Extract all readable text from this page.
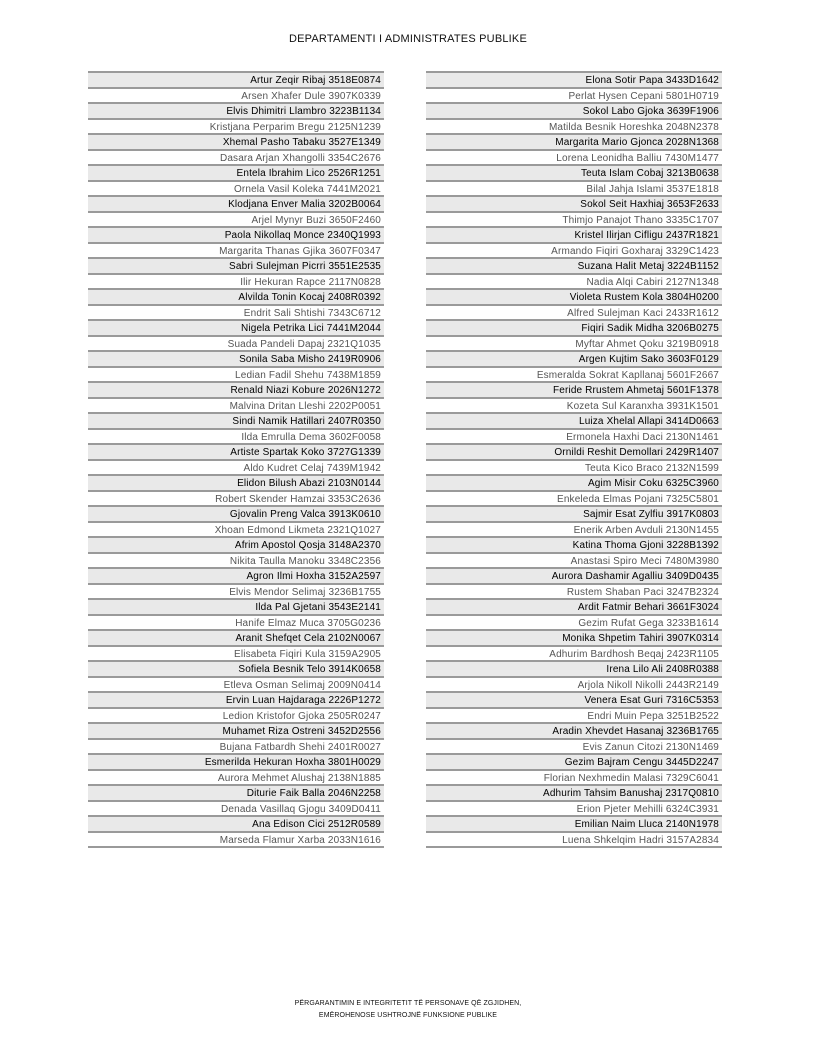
DEPARTAMENTI I ADMINISTRATES PUBLIKE
Artur Zeqir Ribaj 3518E0874
Arsen Xhafer Dule 3907K0339
Elvis Dhimitri Llambro 3223B1134
Kristjana Perparim Bregu 2125N1239
Xhemal Pasho Tabaku 3527E1349
Dasara Arjan Xhangolli 3354C2676
Entela Ibrahim Lico 2526R1251
Ornela Vasil Koleka 7441M2021
Klodjana Enver Malia 3202B0064
Arjel Mynyr Buzi 3650F2460
Paola Nikollaq Monce 2340Q1993
Margarita Thanas Gjika 3607F0347
Sabri Sulejman Picrri 3551E2535
Ilir Hekuran Rapce 2117N0828
Alvilda Tonin Kocaj 2408R0392
Endrit Sali Shtishi 7343C6712
Nigela Petrika Lici 7441M2044
Suada Pandeli Dapaj 2321Q1035
Sonila Saba Misho 2419R0906
Ledian Fadil Shehu 7438M1859
Renald Niazi Kobure 2026N1272
Malvina Dritan Lleshi 2202P0051
Sindi Namik Hatillari 2407R0350
Ilda Emrulla Dema 3602F0058
Artiste Spartak Koko 3727G1339
Aldo Kudret Celaj 7439M1942
Elidon Bilush Abazi 2103N0144
Robert Skender Hamzai 3353C2636
Gjovalin Preng Valca 3913K0610
Xhoan Edmond Likmeta 2321Q1027
Afrim Apostol Qosja 3148A2370
Nikita Taulla Manoku 3348C2356
Agron Ilmi Hoxha 3152A2597
Elvis Mendor Selimaj 3236B1755
Ilda Pal Gjetani 3543E2141
Hanife Elmaz Muca 3705G0236
Aranit Shefqet Cela 2102N0067
Elisabeta Fiqiri Kula 3159A2905
Sofiela Besnik Telo 3914K0658
Etleva Osman Selimaj 2009N0414
Ervin Luan Hajdaraga 2226P1272
Ledion Kristofor Gjoka 2505R0247
Muhamet Riza Ostreni 3452D2556
Bujana Fatbardh Shehi 2401R0027
Esmerilda Hekuran Hoxha 3801H0029
Aurora Mehmet Alushaj 2138N1885
Diturie Faik Balla 2046N2258
Denada Vasillaq Gjogu 3409D0411
Ana Edison Cici 2512R0589
Marseda Flamur Xarba 2033N1616
Elona Sotir Papa 3433D1642
Perlat Hysen Cepani 5801H0719
Sokol Labo Gjoka 3639F1906
Matilda Besnik Horeshka 2048N2378
Margarita Mario Gjonca 2028N1368
Lorena Leonidha Balliu 7430M1477
Teuta Islam Cobaj 3213B0638
Bilal Jahja Islami 3537E1818
Sokol Seit Haxhiaj 3653F2633
Thimjo Panajot Thano 3335C1707
Kristel Ilirjan Cifligu 2437R1821
Armando Fiqiri Goxharaj 3329C1423
Suzana Halit Metaj 3224B1152
Nadia Alqi Cabiri 2127N1348
Violeta Rustem Kola 3804H0200
Alfred Sulejman Kaci 2433R1612
Fiqiri Sadik Midha 3206B0275
Myftar Ahmet Qoku 3219B0918
Argen Kujtim Sako 3603F0129
Esmeralda Sokrat Kapllanaj 5601F2667
Feride Rrustem Ahmetaj 5601F1378
Kozeta Sul Karanxha 3931K1501
Luiza Xhelal Allapi 3414D0663
Ermonela Haxhi Daci 2130N1461
Ornildi Reshit Demollari 2429R1407
Teuta Kico Braco 2132N1599
Agim Misir Coku 6325C3960
Enkeleda Elmas Pojani 7325C5801
Sajmir Esat Zylfiu 3917K0803
Enerik Arben Avduli 2130N1455
Katina Thoma Gjoni 3228B1392
Anastasi Spiro Meci 7480M3980
Aurora Dashamir Agalliu 3409D0435
Rustem Shaban Paci 3247B2324
Ardit Fatmir Behari 3661F3024
Gezim Rufat Gega 3233B1614
Monika Shpetim Tahiri 3907K0314
Adhurim Bardhosh Beqaj 2423R1105
Irena Lilo Ali 2408R0388
Arjola Nikoll Nikolli 2443R2149
Venera Esat Guri 7316C5353
Endri Muin Pepa 3251B2522
Aradin Xhevdet Hasanaj 3236B1765
Evis Zanun Citozi 2130N1469
Gezim Bajram Cengu 3445D2247
Florian Nexhmedin Malasi 7329C6041
Adhurim Tahsim Banushaj 2317Q0810
Erion Pjeter Mehilli 6324C3931
Emilian Naim Lluca 2140N1978
Luena Shkelqim Hadri 3157A2834
PËRGARANTIMIN E INTEGRITETIT TË PERSONAVE QË ZGJIDHEN,
EMËROHENOSE USHTROJNË FUNKSIONE PUBLIKE
